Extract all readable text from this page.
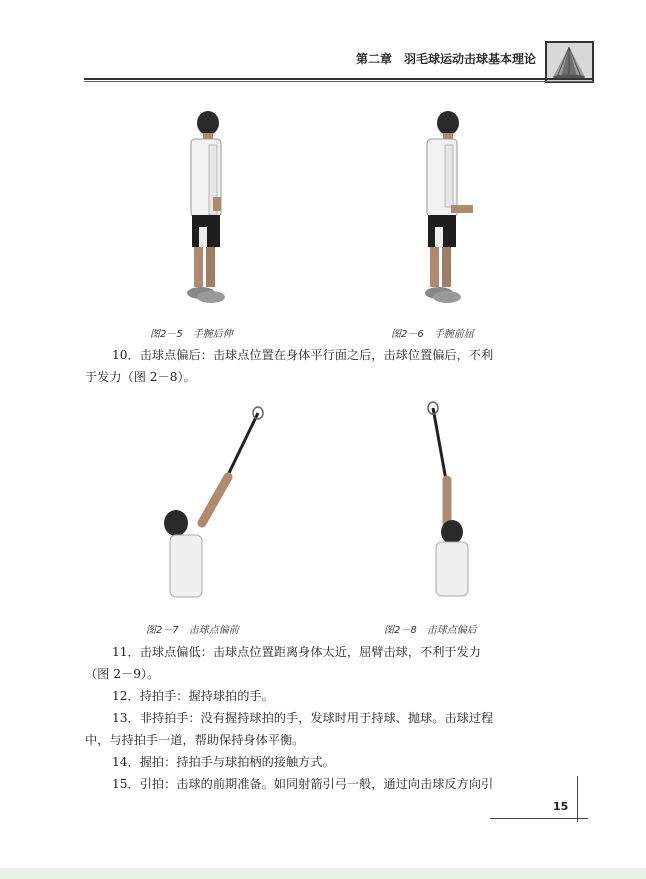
第二章　羽毛球运动击球基本理论
图2－5　手腕后伸	图2－6　手腕前屈

10．击球点偏后：击球点位置在身体平行面之后，击球位置偏后，不利

于发力（图 2－8）。

图2－7　击球点偏前	图2－8　击球点偏后

11．击球点偏低：击球点位置距离身体太近，屈臂击球，不利于发力

（图 2－9）。

12．持拍手：握持球拍的手。

13．非持拍手：没有握持球拍的手，发球时用于持球、抛球。击球过程

中，与持拍手一道，帮助保持身体平衡。

14．握拍：持拍手与球拍柄的接触方式。

15．引拍：击球的前期准备。如同射箭引弓一般，通过向击球反方向引

15
